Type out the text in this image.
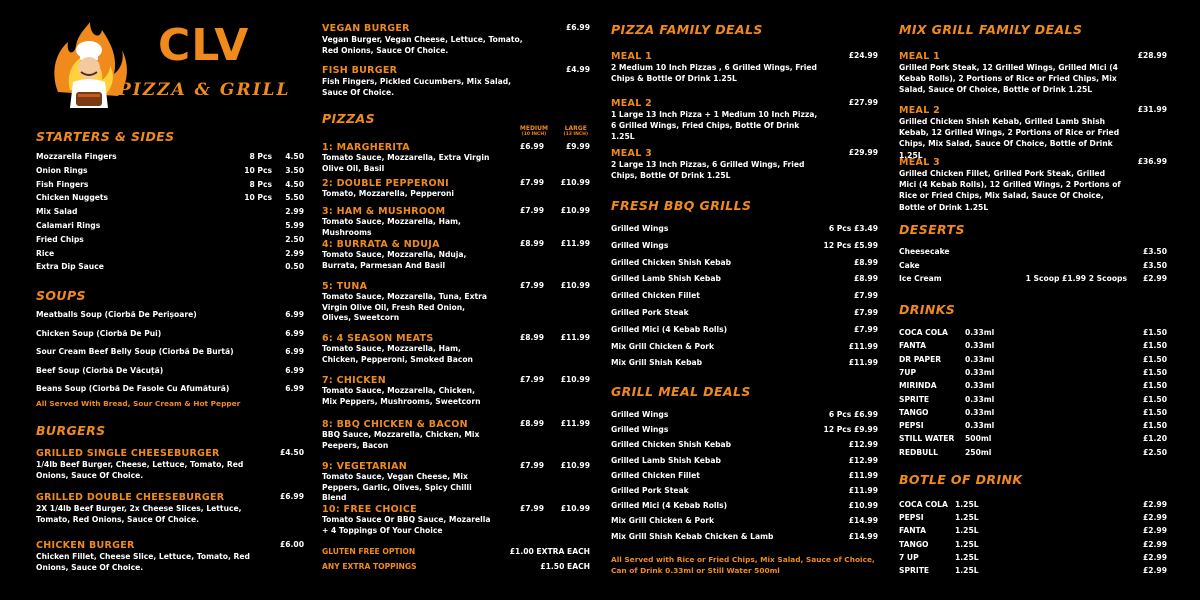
CLV
PIZZA & GRILL
STARTERS & SIDES
Mozzarella Fingers	8 Pcs 4.50
Onion Rings	10 Pcs 3.50
Fish Fingers	8 Pcs 4.50
Chicken Nuggets	10 Pcs 5.50
Mix Salad	2.99
Calamari Rings	5.99
Fried Chips	2.50
Rice	2.99
Extra Dip Sauce	0.50
SOUPS
Meatballs Soup (Ciorbă De Perișoare)	6.99
Chicken Soup (Ciorbă De Pui)	6.99
Sour Cream Beef Belly Soup (Ciorbă De Burtă)	6.99
Beef Soup (Ciorbă De Văcuță)	6.99
Beans Soup (Ciorbă De Fasole Cu Afumătură)	6.99
All Served With Bread, Sour Cream & Hot Pepper
BURGERS
GRILLED SINGLE CHEESEBURGER	£4.50
1/4lb Beef Burger, Cheese, Lettuce, Tomato, Red Onions, Sauce Of Choice.
GRILLED DOUBLE CHEESEBURGER	£6.99
2X 1/4lb Beef Burger, 2x Cheese Slices, Lettuce, Tomato, Red Onions, Sauce Of Choice.
CHICKEN BURGER	£6.00
Chicken Fillet, Cheese Slice, Lettuce, Tomato, Red Onions, Sauce Of Choice.
VEGAN BURGER	£6.99
Vegan Burger, Vegan Cheese, Lettuce, Tomato, Red Onions, Sauce Of Choice.
FISH BURGER	£4.99
Fish Fingers, Pickled Cucumbers, Mix Salad, Sauce Of Choice.
PIZZAS
MEDIUM
(10 INCH)
LARGE
(13 INCH)
1: MARGHERITA	£6.99	£9.99
Tomato Sauce, Mozzarella, Extra Virgin Olive Oil, Basil
2: DOUBLE PEPPERONI	£7.99 £10.99
Tomato, Mozzarella, Pepperoni
3: HAM & MUSHROOM	£7.99 £10.99
Tomato Sauce, Mozzarella, Ham, Mushrooms
4: BURRATA & NDUJA	£8.99 £11.99
Tomato Sauce, Mozzarella, Nduja, Burrata, Parmesan And Basil
5: TUNA	£7.99 £10.99
Tomato Sauce, Mozzarella, Tuna, Extra Virgin Olive Oil, Fresh Red Onion, Olives, Sweetcorn
6: 4 SEASON MEATS	£8.99 £11.99
Tomato Sauce, Mozzarella, Ham, Chicken, Pepperoni, Smoked Bacon
7: CHICKEN	£7.99 £10.99
Tomato Sauce, Mozzarella, Chicken, Mix Peppers, Mushrooms, Sweetcorn
8: BBQ CHICKEN & BACON	£8.99 £11.99
BBQ Sauce, Mozzarella, Chicken, Mix Peepers, Bacon
9: VEGETARIAN	£7.99 £10.99
Tomato Sauce, Vegan Cheese, Mix Peppers, Garlic, Olives, Spicy Chilli Blend
10: FREE CHOICE	£7.99 £10.99
Tomato Sauce Or BBQ Sauce, Mozarella + 4 Toppings Of Your Choice
GLUTEN FREE OPTION	£1.00 EXTRA EACH
ANY EXTRA TOPPINGS	£1.50 EACH
PIZZA FAMILY DEALS
MEAL 1	£24.99
2 Medium 10 Inch Pizzas , 6 Grilled Wings, Fried Chips & Bottle Of Drink 1.25L
MEAL 2	£27.99
1 Large 13 Inch Pizza + 1 Medium 10 Inch Pizza, 6 Grilled Wings, Fried Chips, Bottle Of Drink 1.25L
MEAL 3	£29.99
2 Large 13 Inch Pizzas, 6 Grilled Wings, Fried Chips, Bottle Of Drink 1.25L
FRESH BBQ GRILLS
Grilled Wings	6 Pcs £3.49
Grilled Wings	12 Pcs £5.99
Grilled Chicken Shish Kebab	£8.99
Grilled Lamb Shish Kebab	£8.99
Grilled Chicken Fillet	£7.99
Grilled Pork Steak	£7.99
Grilled Mici (4 Kebab Rolls)	£7.99
Mix Grill Chicken & Pork	£11.99
Mix Grill Shish Kebab	£11.99
GRILL MEAL DEALS
Grilled Wings	6 Pcs £6.99
Grilled Wings	12 Pcs £9.99
Grilled Chicken Shish Kebab	£12.99
Grilled Lamb Shish Kebab	£12.99
Grilled Chicken Fillet	£11.99
Grilled Pork Steak	£11.99
Grilled Mici (4 Kebab Rolls)	£10.99
Mix Grill Chicken & Pork	£14.99
Mix Grill Shish Kebab Chicken & Lamb	£14.99
All Served with Rice or Fried Chips, Mix Salad, Sauce of Choice, Can of Drink 0.33ml or Still Water 500ml
MIX GRILL FAMILY DEALS
MEAL 1	£28.99
Grilled Pork Steak, 12 Grilled Wings, Grilled Mici (4 Kebab Rolls), 2 Portions of Rice or Fried Chips, Mix Salad, Sauce Of Choice, Bottle of Drink 1.25L
MEAL 2	£31.99
Grilled Chicken Shish Kebab, Grilled Lamb Shish Kebab, 12 Grilled Wings, 2 Portions of Rice or Fried Chips, Mix Salad, Sauce Of Choice, Bottle of Drink 1.25L
MEAL 3	£36.99
Grilled Chicken Fillet, Grilled Pork Steak, Grilled Mici (4 Kebab Rolls), 12 Grilled Wings, 2 Portions of Rice or Fried Chips, Mix Salad, Sauce Of Choice, Bottle of Drink 1.25L
DESERTS
Cheesecake	£3.50
Cake	£3.50
Ice Cream	1 Scoop £1.99 2 Scoops £2.99
DRINKS
COCA COLA 0.33ml	£1.50
FANTA	0.33ml	£1.50
DR PAPER	0.33ml	£1.50
7UP	0.33ml	£1.50
MIRINDA	0.33ml	£1.50
SPRITE	0.33ml	£1.50
TANGO	0.33ml	£1.50
PEPSI	0.33ml	£1.50
STILL WATER 500ml	£1.20
REDBULL	250ml	£2.50
BOTLE OF DRINK
COCA COLA 1.25L	£2.99
PEPSI	1.25L	£2.99
FANTA	1.25L	£2.99
TANGO	1.25L	£2.99
7 UP	1.25L	£2.99
SPRITE	1.25L	£2.99
